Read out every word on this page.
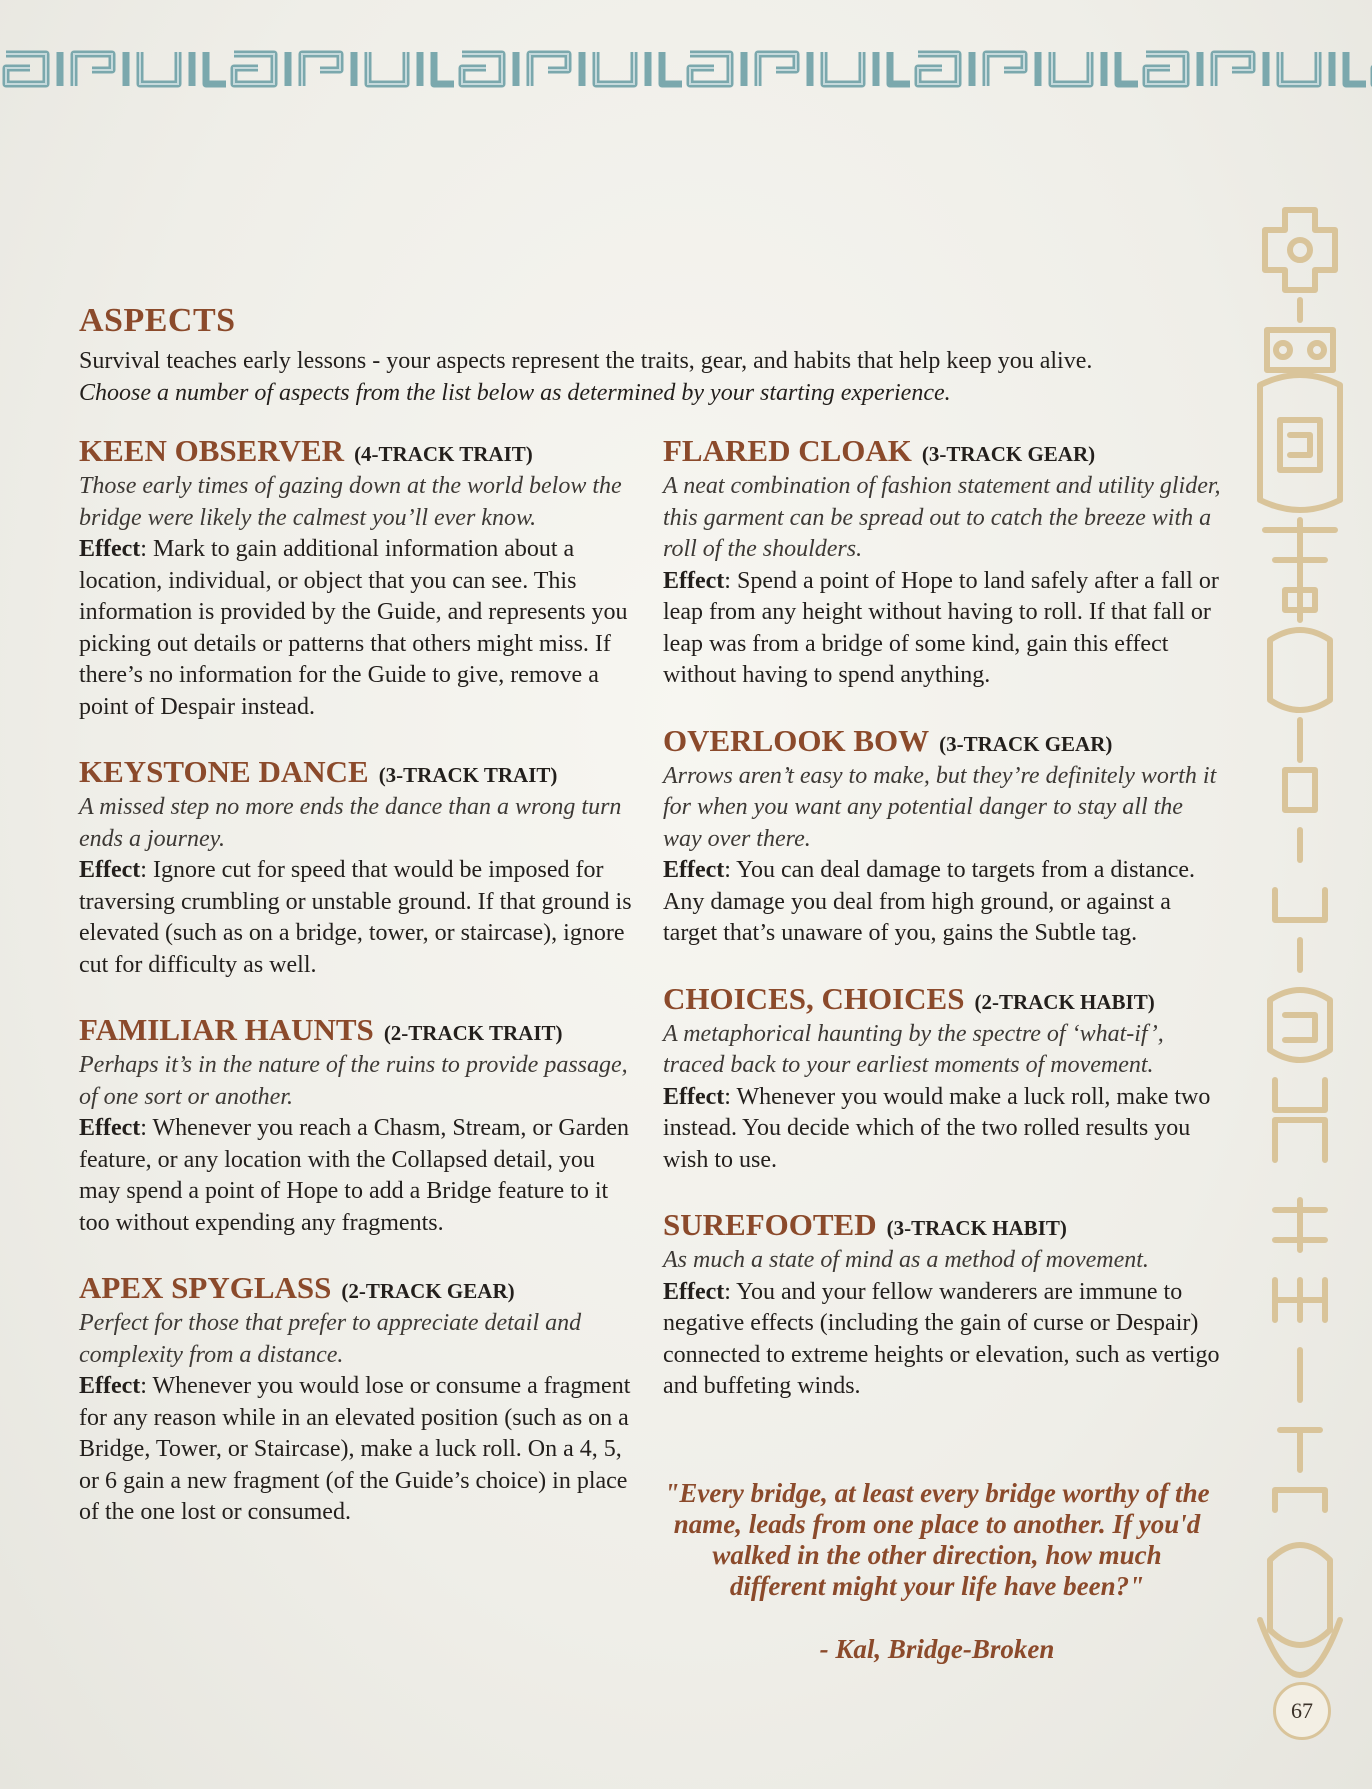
67
ASPECTS
Survival teaches early lessons - your aspects represent the traits, gear, and habits that help keep you alive.
Choose a number of aspects from the list below as determined by your starting experience.
KEEN OBSERVER (4-TRACK TRAIT)
Those early times of gazing down at the world below the bridge were likely the calmest you’ll ever know.
Effect: Mark to gain additional information about a location, individual, or object that you can see. This information is provided by the Guide, and represents you picking out details or patterns that others might miss. If there’s no information for the Guide to give, remove a point of Despair instead.
KEYSTONE DANCE (3-TRACK TRAIT)
A missed step no more ends the dance than a wrong turn ends a journey.
Effect: Ignore cut for speed that would be imposed for traversing crumbling or unstable ground. If that ground is elevated (such as on a bridge, tower, or staircase), ignore cut for difficulty as well.
FAMILIAR HAUNTS (2-TRACK TRAIT)
Perhaps it’s in the nature of the ruins to provide passage, of one sort or another.
Effect: Whenever you reach a Chasm, Stream, or Garden feature, or any location with the Collapsed detail, you may spend a point of Hope to add a Bridge feature to it too without expending any fragments.
APEX SPYGLASS (2-TRACK GEAR)
Perfect for those that prefer to appreciate detail and complexity from a distance.
Effect: Whenever you would lose or consume a fragment for any reason while in an elevated position (such as on a Bridge, Tower, or Staircase), make a luck roll. On a 4, 5, or 6 gain a new fragment (of the Guide’s choice) in place of the one lost or consumed.
FLARED CLOAK (3-TRACK GEAR)
A neat combination of fashion statement and utility glider, this garment can be spread out to catch the breeze with a roll of the shoulders.
Effect: Spend a point of Hope to land safely after a fall or leap from any height without having to roll. If that fall or leap was from a bridge of some kind, gain this effect without having to spend anything.
OVERLOOK BOW (3-TRACK GEAR)
Arrows aren’t easy to make, but they’re definitely worth it for when you want any potential danger to stay all the way over there.
Effect: You can deal damage to targets from a distance. Any damage you deal from high ground, or against a target that’s unaware of you, gains the Subtle tag.
CHOICES, CHOICES (2-TRACK HABIT)
A metaphorical haunting by the spectre of ‘what-if’, traced back to your earliest moments of movement.
Effect: Whenever you would make a luck roll, make two instead. You decide which of the two rolled results you wish to use.
SUREFOOTED (3-TRACK HABIT)
As much a state of mind as a method of movement.
Effect: You and your fellow wanderers are immune to negative effects (including the gain of curse or Despair) connected to extreme heights or elevation, such as vertigo and buffeting winds.
"Every bridge, at least every bridge worthy of the name, leads from one place to another. If you'd walked in the other direction, how much different might your life have been?"
- Kal, Bridge-Broken
